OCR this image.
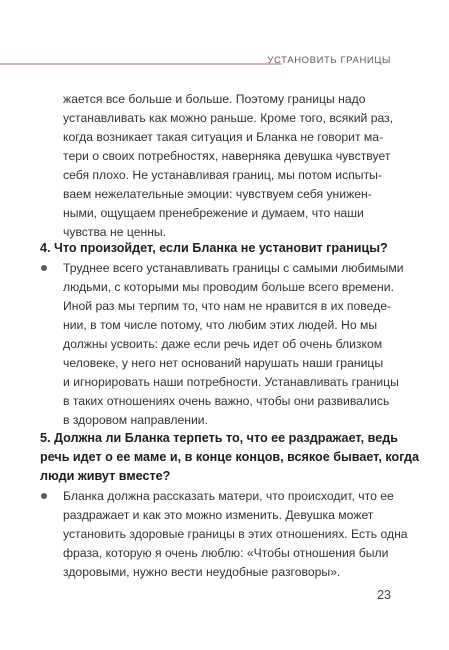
УСТАНОВИТЬ ГРАНИЦЫ
жается все больше и больше. Поэтому границы надо
устанавливать как можно раньше. Кроме того, всякий раз,
когда возникает такая ситуация и Бланка не говорит ма-
тери о своих потребностях, наверняка девушка чувствует
себя плохо. Не устанавливая границ, мы потом испыты-
ваем нежелательные эмоции: чувствуем себя унижен-
ными, ощущаем пренебрежение и думаем, что наши
чувства не ценны.
4. Что произойдет, если Бланка не установит границы?
Труднее всего устанавливать границы с самыми любимыми
людьми, с которыми мы проводим больше всего времени.
Иной раз мы терпим то, что нам не нравится в их поведе-
нии, в том числе потому, что любим этих людей. Но мы
должны усвоить: даже если речь идет об очень близком
человеке, у него нет оснований нарушать наши границы
и игнорировать наши потребности. Устанавливать границы
в таких отношениях очень важно, чтобы они развивались
в здоровом направлении.
5. Должна ли Бланка терпеть то, что ее раздражает, ведь
речь идет о ее маме и, в конце концов, всякое бывает, когда
люди живут вместе?
Бланка должна рассказать матери, что происходит, что ее
раздражает и как это можно изменить. Девушка может
установить здоровые границы в этих отношениях. Есть одна
фраза, которую я очень люблю: «Чтобы отношения были
здоровыми, нужно вести неудобные разговоры».
23
